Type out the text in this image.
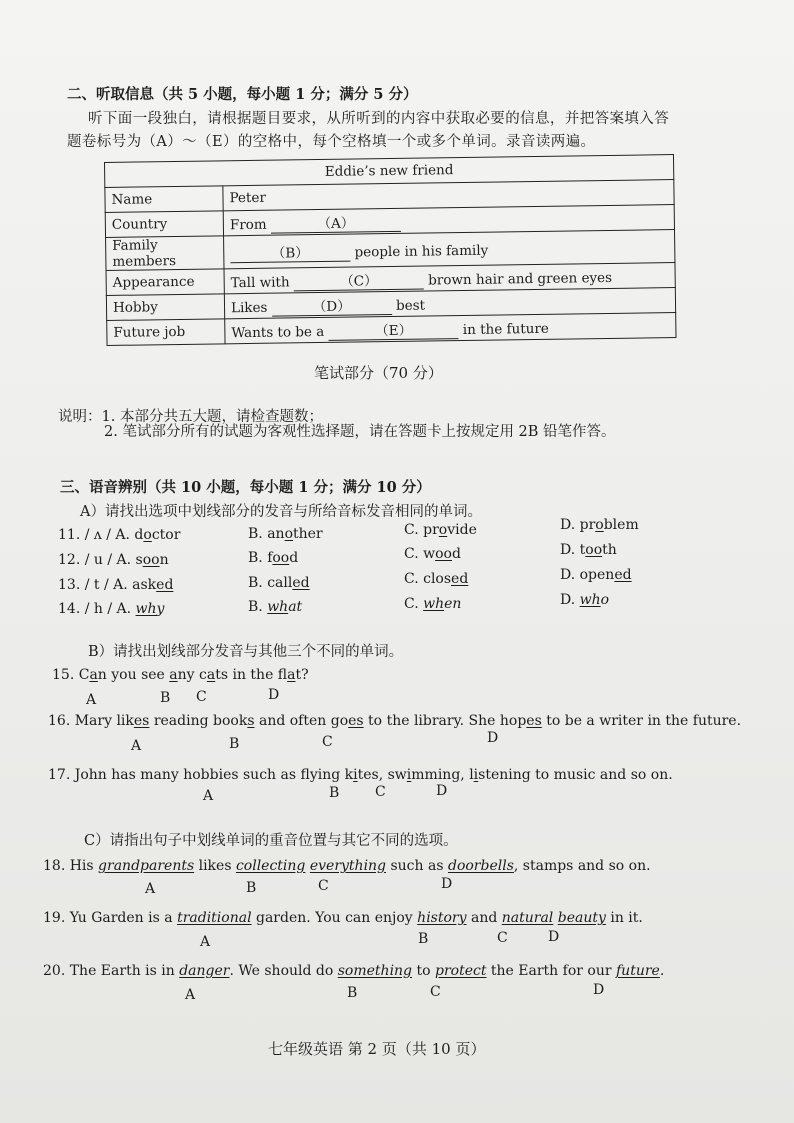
二、听取信息（共 5 小题，每小题 1 分；满分 5 分）
听下面一段独白，请根据题目要求，从所听到的内容中获取必要的信息，并把答案填入答
题卷标号为（A）～（E）的空格中，每个空格填一个或多个单词。录音读两遍。
Eddie’s new friend	
Name	Peter
Country	From （A）
Family members	（B） people in his family
Appearance	Tall with （C） brown hair and green eyes
Hobby	Likes （D） best
Future job	Wants to be a （E） in the future
笔试部分（70 分）
说明：1. 本部分共五大题，请检查题数；
2. 笔试部分所有的试题为客观性选择题，请在答题卡上按规定用 2B 铅笔作答。
三、语音辨别（共 10 小题，每小题 1 分；满分 10 分）
A）请找出选项中划线部分的发音与所给音标发音相同的单词。
11. / ʌ / A. doctor	B. another	C. provide	D. problem
12. / u / A. soon	B. food	C. wood	D. tooth
13. / t / A. asked	B. called	C. closed	D. opened
14. / h / A. why	B. what	C. when	D. who
B）请找出划线部分发音与其他三个不同的单词。
15. Can you see any cats in the flat?
A	B C	D
16. Mary likes reading books and often goes to the library. She hopes to be a writer in the future.
A	B	C	D
17. John has many hobbies such as flying kites, swimming, listening to music and so on.
A	B	C	D
C）请指出句子中划线单词的重音位置与其它不同的选项。
18. His grandparents likes collecting everything such as doorbells, stamps and so on.
A	B	C	D
19. Yu Garden is a traditional garden. You can enjoy history and natural beauty in it.
A	B	C	D
20. The Earth is in danger. We should do something to protect the Earth for our future.
A	B	C	D
七年级英语 第 2 页（共 10 页）
